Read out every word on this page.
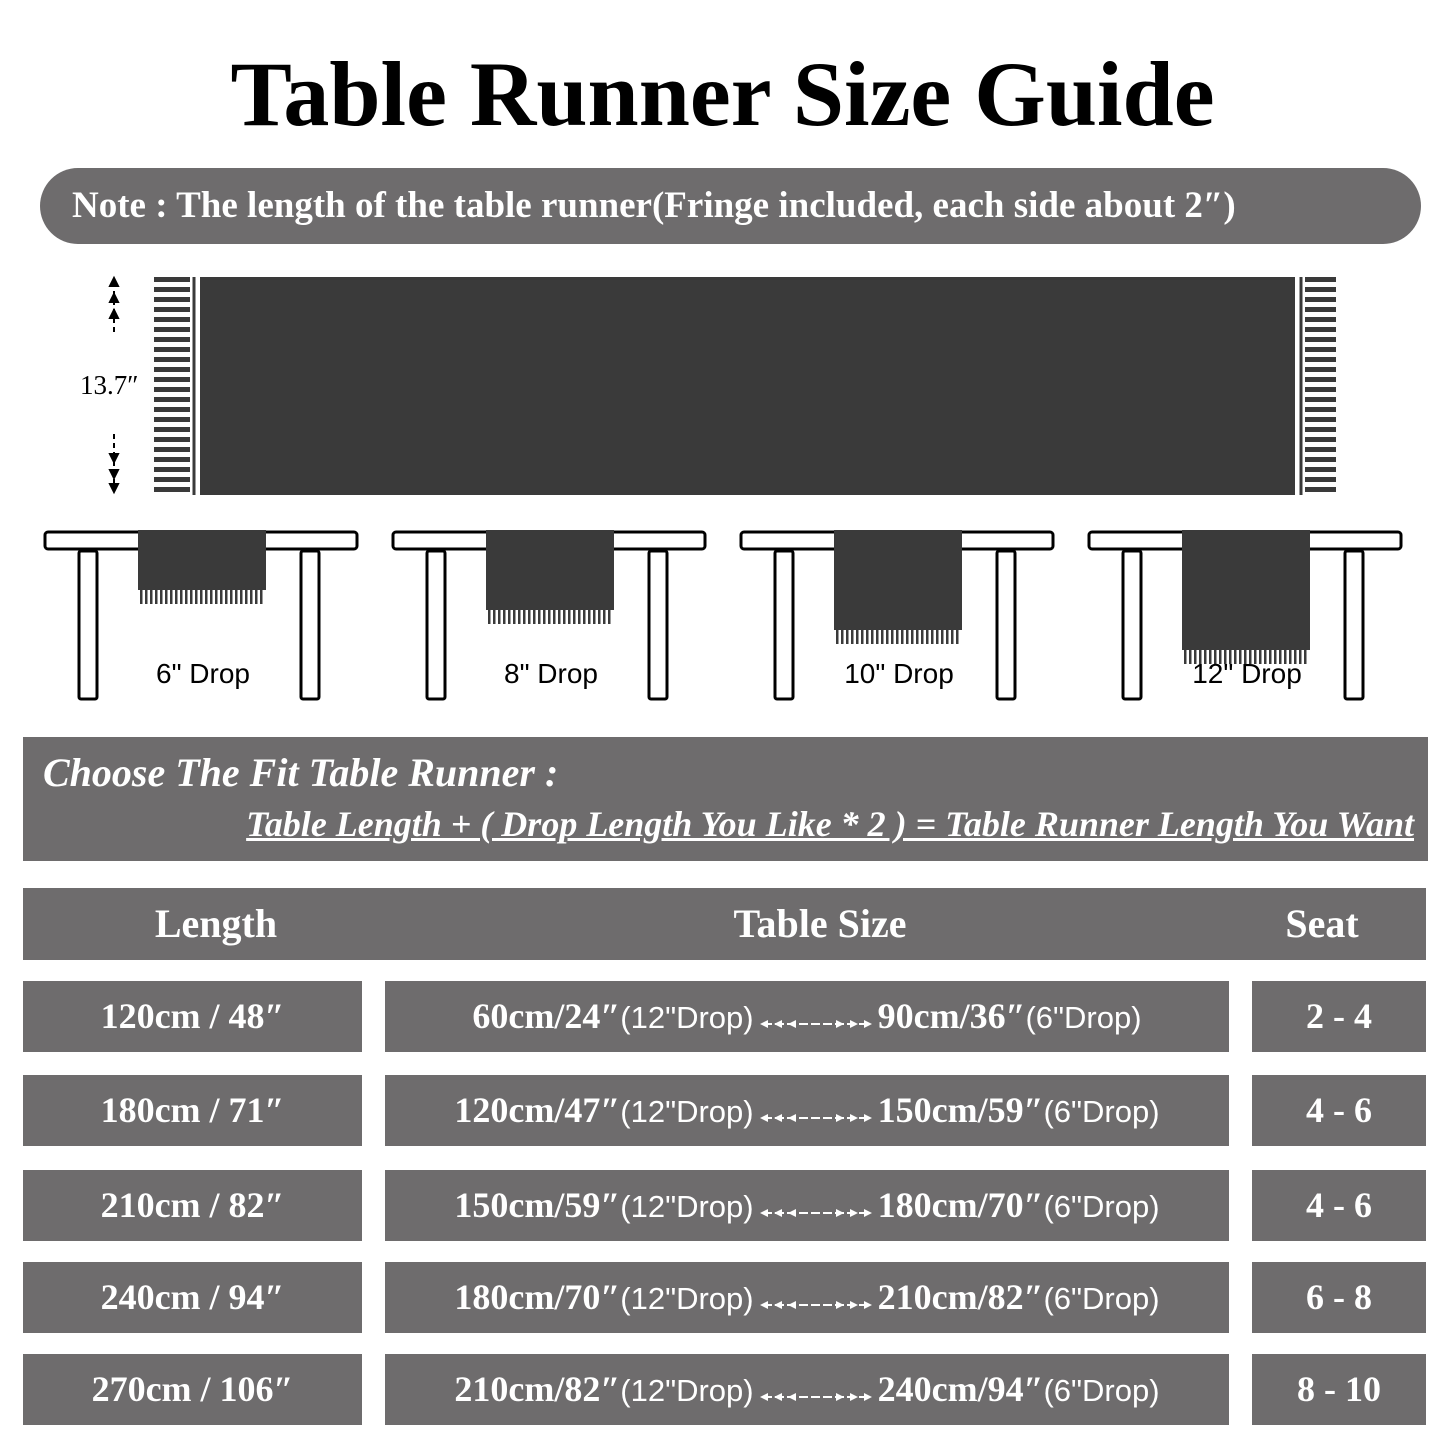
Table Runner Size Guide
Note : The length of the table runner(Fringe included, each side about 2″)
13.7″
6" Drop	8" Drop	10" Drop	12" Drop
Choose The Fit Table Runner :
Table Length + ( Drop Length You Like * 2 ) = Table Runner Length You Want
Length	Table Size	Seat
120cm / 48″	60cm/24″(12"Drop)	90cm/36″(6"Drop)	2 - 4
180cm / 71″	120cm/47″(12"Drop)	150cm/59″(6"Drop)	4 - 6
210cm / 82″	150cm/59″(12"Drop)	180cm/70″(6"Drop)	4 - 6
240cm / 94″	180cm/70″(12"Drop)	210cm/82″(6"Drop)	6 - 8
270cm / 106″	210cm/82″(12"Drop)	240cm/94″(6"Drop)	8 - 10
